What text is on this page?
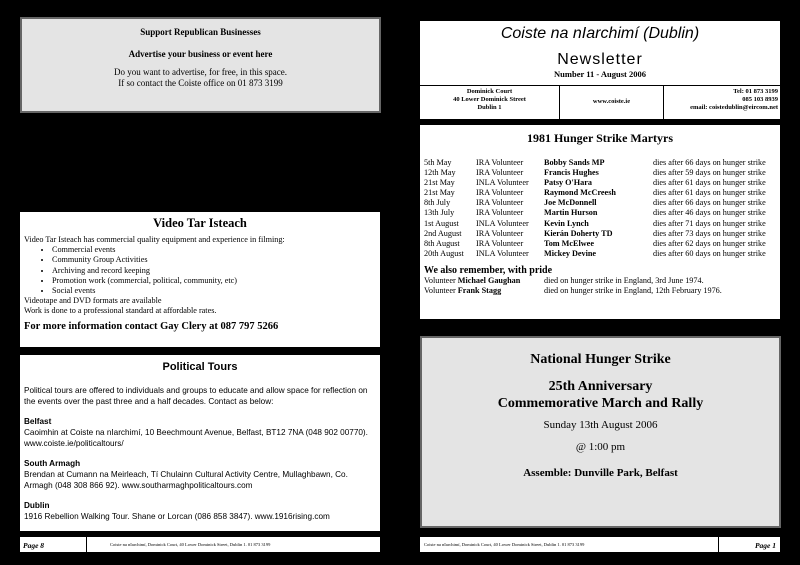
Support Republican Businesses

Advertise your business or event here

Do you want to advertise, for free, in this space.

If so contact the Coiste office on 01 873 3199

Video Tar Isteach

Video Tar Isteach has commercial quality equipment and experience in filming:

• Commercial events
• Community Group Activities
• Archiving and record keeping
• Promotion work (commercial, political, community, etc)
• Social events

Videotape and DVD formats are available

Work is done to a professional standard at affordable rates.

For more information contact Gay Clery at 087 797 5266

Political Tours

Political tours are offered to individuals and groups to educate and allow space for reflection on the events over the past three and a half decades. Contact as below:

Belfast

Caoimhin at Coiste na nIarchimí, 10 Beechmount Avenue, Belfast, BT12 7NA (048 902 00770). www.coiste.ie/politicaltours/

South Armagh

Brendan at Cumann na Meirleach, Tí Chulainn Cultural Activity Centre, Mullaghbawn, Co. Armagh (048 308 866 92). www.southarmaghpoliticaltours.com

Dublin

1916 Rebellion Walking Tour. Shane or Lorcan (086 858 3847). www.1916rising.com

Page 8	Coiste na nIarchimí, Dominick Court, 40 Lower Dominick Street, Dublin 1. 01 873 3199

Coiste na nIarchimí (Dublin)

Newsletter

Number 11 - August 2006

Dominick Court
40 Lower Dominick Street
Dublin 1
www.coiste.ie
Tel: 01 873 3199
085 103 8939
email: coistedublin@eircom.net
1981 Hunger Strike Martyrs
5th May	IRA Volunteer	Bobby Sands MP	dies after 66 days on hunger strike
12th May	IRA Volunteer	Francis Hughes	dies after 59 days on hunger strike
21st May	INLA Volunteer	Patsy O'Hara	dies after 61 days on hunger strike
21st May	IRA Volunteer	Raymond McCreesh	dies after 61 days on hunger strike
8th July	IRA Volunteer	Joe McDonnell	dies after 66 days on hunger strike
13th July	IRA Volunteer	Martin Hurson	dies after 46 days on hunger strike
1st August	INLA Volunteer	Kevin Lynch	dies after 71 days on hunger strike
2nd August	IRA Volunteer	Kierán Doherty TD	dies after 73 days on hunger strike
8th August	IRA Volunteer	Tom McElwee	dies after 62 days on hunger strike
20th August	INLA Volunteer	Mickey Devine	dies after 60 days on hunger strike

We also remember, with pride

Volunteer Michael Gaughan	died on hunger strike in England, 3rd June 1974.

Volunteer Frank Stagg	died on hunger strike in England, 12th February 1976.

National Hunger Strike

25th Anniversary

Commemorative March and Rally

Sunday 13th August 2006

@ 1:00 pm

Assemble: Dunville Park, Belfast

Coiste na nIarchimí, Dominick Court, 40 Lower Dominick Street, Dublin 1. 01 873 3199	Page 1
